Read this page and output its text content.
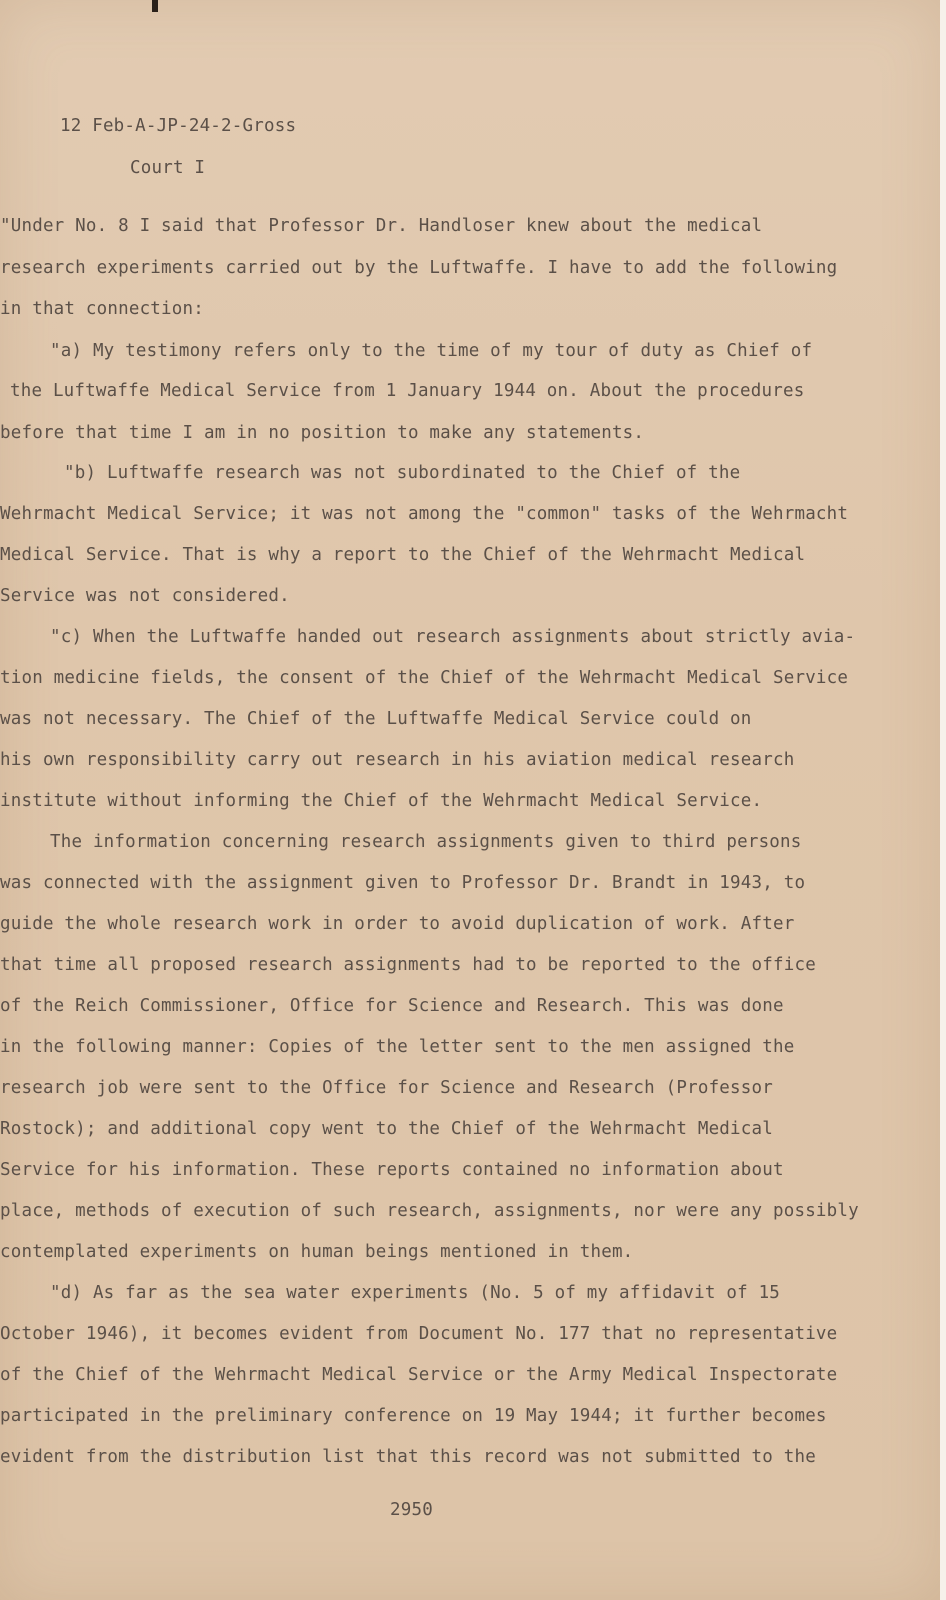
12 Feb-A-JP-24-2-Gross

Court I

"Under No. 8 I said that Professor Dr. Handloser knew about the medical

research experiments carried out by the Luftwaffe. I have to add the following

in that connection:

"a) My testimony refers only to the time of my tour of duty as Chief of

the Luftwaffe Medical Service from 1 January 1944 on. About the procedures

before that time I am in no position to make any statements.

"b) Luftwaffe research was not subordinated to the Chief of the

Wehrmacht Medical Service; it was not among the "common" tasks of the Wehrmacht

Medical Service. That is why a report to the Chief of the Wehrmacht Medical

Service was not considered.

"c) When the Luftwaffe handed out research assignments about strictly avia-

tion medicine fields, the consent of the Chief of the Wehrmacht Medical Service

was not necessary. The Chief of the Luftwaffe Medical Service could on

his own responsibility carry out research in his aviation medical research

institute without informing the Chief of the Wehrmacht Medical Service.

The information concerning research assignments given to third persons

was connected with the assignment given to Professor Dr. Brandt in 1943, to

guide the whole research work in order to avoid duplication of work. After

that time all proposed research assignments had to be reported to the office

of the Reich Commissioner, Office for Science and Research. This was done

in the following manner: Copies of the letter sent to the men assigned the

research job were sent to the Office for Science and Research (Professor

Rostock); and additional copy went to the Chief of the Wehrmacht Medical

Service for his information. These reports contained no information about

place, methods of execution of such research, assignments, nor were any possibly

contemplated experiments on human beings mentioned in them.

"d) As far as the sea water experiments (No. 5 of my affidavit of 15

October 1946), it becomes evident from Document No. 177 that no representative

of the Chief of the Wehrmacht Medical Service or the Army Medical Inspectorate

participated in the preliminary conference on 19 May 1944; it further becomes

evident from the distribution list that this record was not submitted to the

2950
